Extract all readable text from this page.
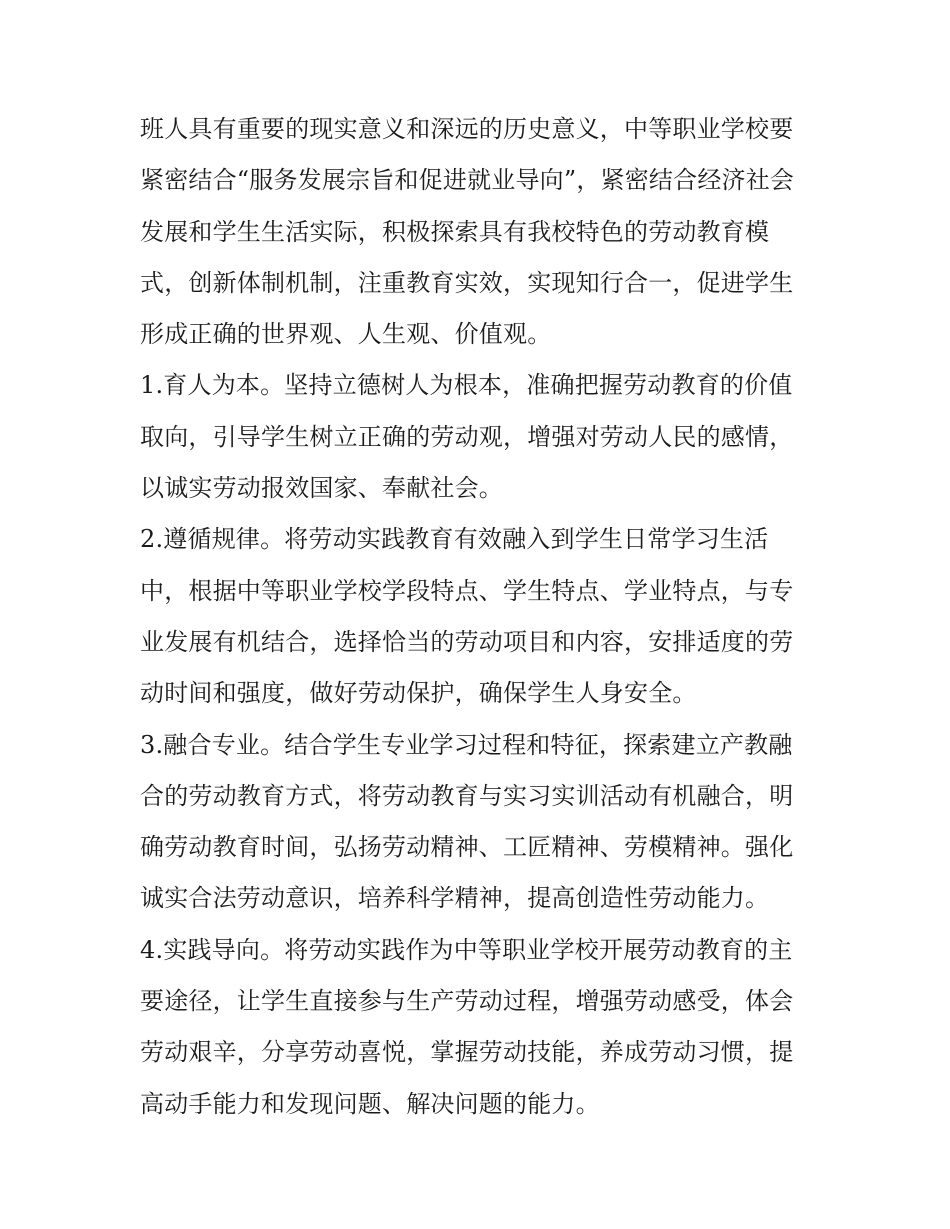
班人具有重要的现实意义和深远的历史意义，中等职业学校要
紧密结合“服务发展宗旨和促进就业导向”，紧密结合经济社会
发展和学生生活实际，积极探索具有我校特色的劳动教育模
式，创新体制机制，注重教育实效，实现知行合一，促进学生
形成正确的世界观、人生观、价值观。
1.育人为本。坚持立德树人为根本，准确把握劳动教育的价值
取向，引导学生树立正确的劳动观，增强对劳动人民的感情，
以诚实劳动报效国家、奉献社会。
2.遵循规律。将劳动实践教育有效融入到学生日常学习生活
中，根据中等职业学校学段特点、学生特点、学业特点，与专
业发展有机结合，选择恰当的劳动项目和内容，安排适度的劳
动时间和强度，做好劳动保护，确保学生人身安全。
3.融合专业。结合学生专业学习过程和特征，探索建立产教融
合的劳动教育方式，将劳动教育与实习实训活动有机融合，明
确劳动教育时间，弘扬劳动精神、工匠精神、劳模精神。强化
诚实合法劳动意识，培养科学精神，提高创造性劳动能力。
4.实践导向。将劳动实践作为中等职业学校开展劳动教育的主
要途径，让学生直接参与生产劳动过程，增强劳动感受，体会
劳动艰辛，分享劳动喜悦，掌握劳动技能，养成劳动习惯，提
高动手能力和发现问题、解决问题的能力。
